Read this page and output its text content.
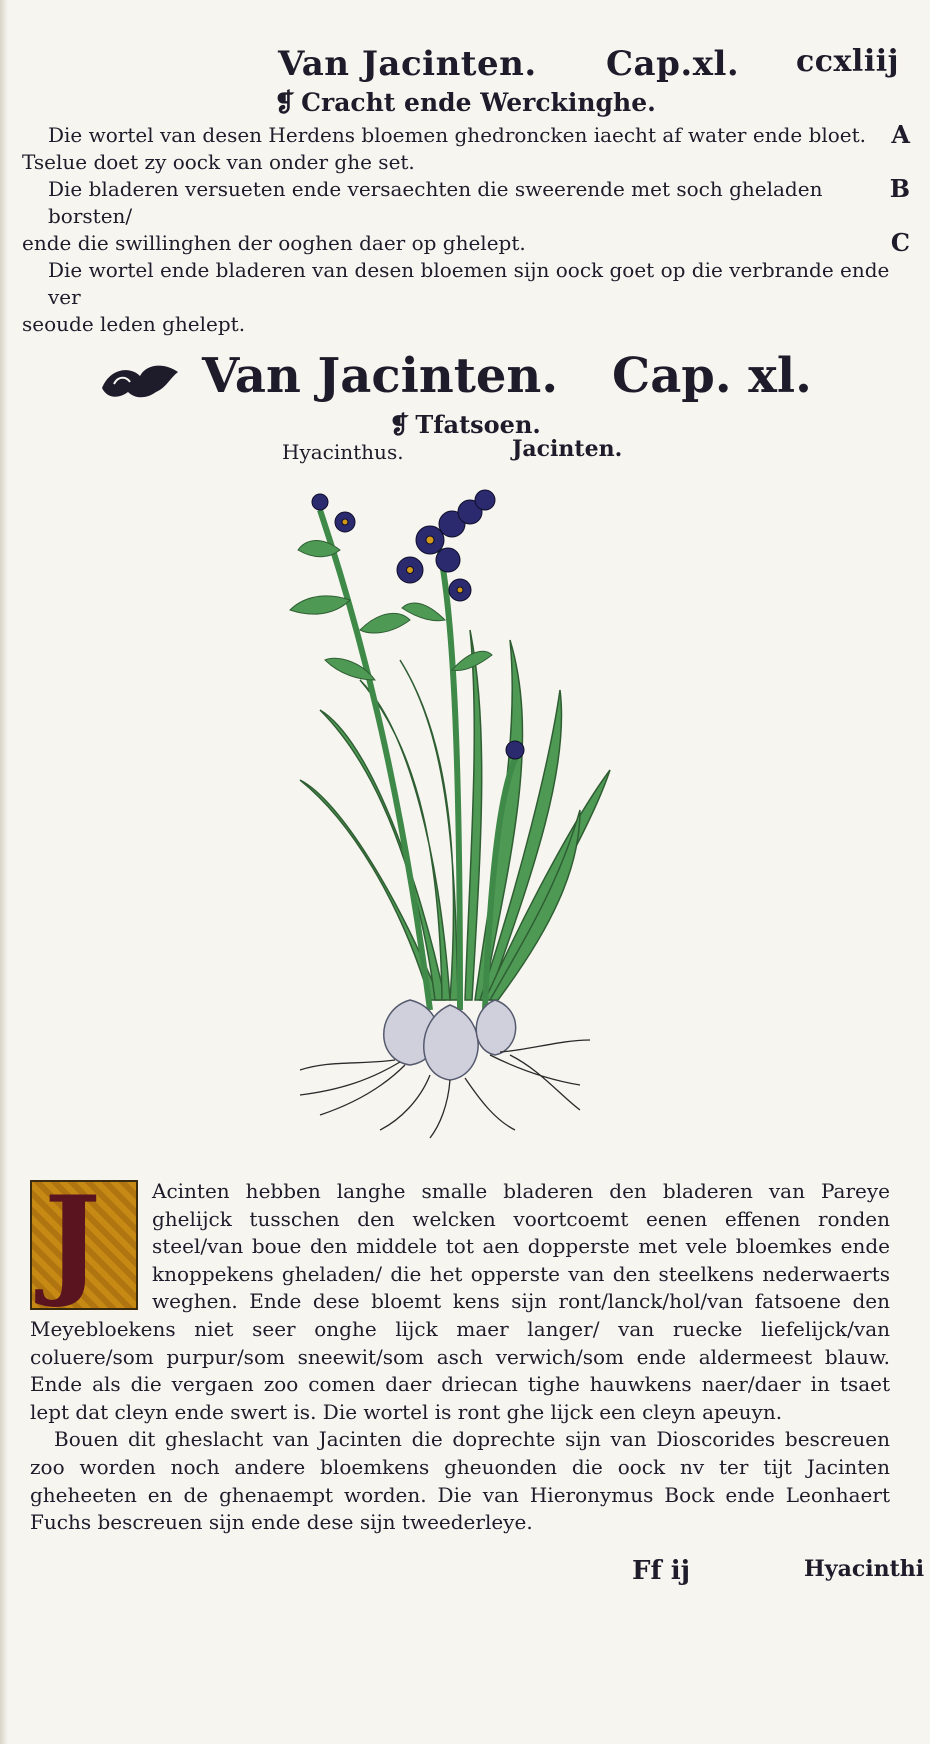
Van Jacinten. Cap.xl. ccxliij
❡ Cracht ende Werckinghe.

Die wortel van desen Herdens bloemen ghedroncken iaecht af water ende bloet.

Tselue doet zy oock van onder ghe set.

Die bladeren versueten ende versaechten die sweerende met soch gheladen borsten/

ende die swillinghen der ooghen daer op ghelept.

Die wortel ende bladeren van desen bloemen sijn oock goet op die verbrande ende ver

seoude leden ghelept.

A
B
C
Van Jacinten. Cap. xl.
❡ Tfatsoen.
Hyacinthus.	Jacinten.
J	Acinten hebben langhe smalle bladeren den bladeren van Pareye ghelijck tusschen den welcken voortcoemt eenen effenen ronden steel/van boue den middele tot aen dopperste met vele bloemkes ende knoppekens gheladen/ die het opperste van den steelkens nederwaerts weghen. Ende dese bloemt kens sijn ront/lanck/hol/van fatsoene den Meyebloekens niet seer onghe lijck maer langer/ van ruecke liefelijck/van coluere/som purpur/som sneewit/som asch verwich/som ende aldermeest blauw. Ende als die vergaen zoo comen daer driecan tighe hauwkens naer/daer in tsaet lept dat cleyn ende swert is. Die wortel is ront ghe lijck een cleyn apeuyn.

Bouen dit gheslacht van Jacinten die doprechte sijn van Dioscorides bescreuen zoo worden noch andere bloemkens gheuonden die oock nv ter tijt Jacinten gheheeten en de ghenaempt worden. Die van Hieronymus Bock ende Leonhaert Fuchs bescreuen sijn ende dese sijn tweederleye.

Ff ij	Hyacinthi
